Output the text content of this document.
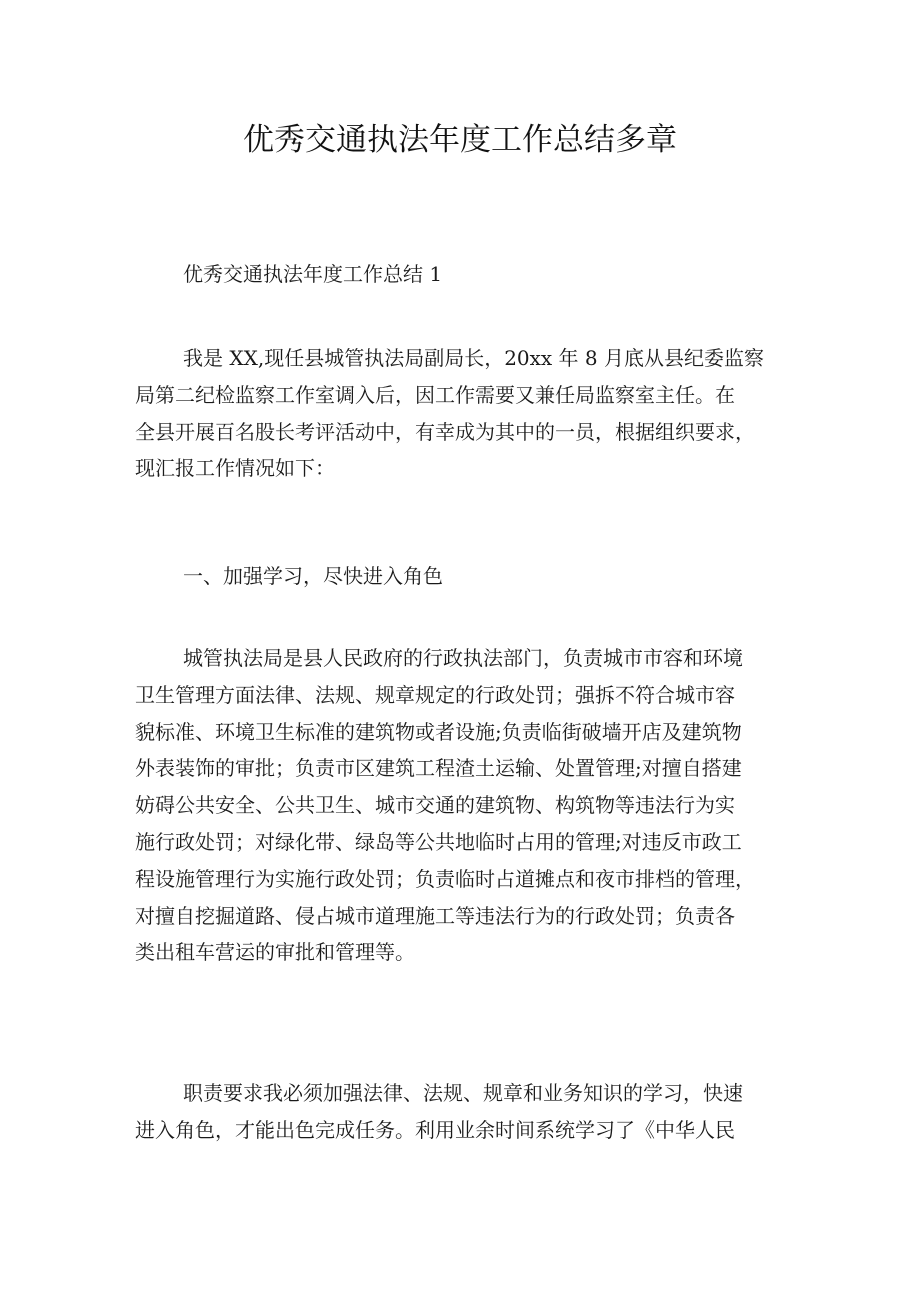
优秀交通执法年度工作总结多章

优秀交通执法年度工作总结 1

我是 XX,现任县城管执法局副局长，20xx 年 8 月底从县纪委监察
局第二纪检监察工作室调入后，因工作需要又兼任局监察室主任。在
全县开展百名股长考评活动中，有幸成为其中的一员，根据组织要求，
现汇报工作情况如下：

一、加强学习，尽快进入角色

城管执法局是县人民政府的行政执法部门，负责城市市容和环境
卫生管理方面法律、法规、规章规定的行政处罚；强拆不符合城市容
貌标准、环境卫生标准的建筑物或者设施;负责临街破墙开店及建筑物
外表装饰的审批；负责市区建筑工程渣土运输、处置管理;对擅自搭建
妨碍公共安全、公共卫生、城市交通的建筑物、构筑物等违法行为实
施行政处罚；对绿化带、绿岛等公共地临时占用的管理;对违反市政工
程设施管理行为实施行政处罚；负责临时占道摊点和夜市排档的管理，
对擅自挖掘道路、侵占城市道理施工等违法行为的行政处罚；负责各
类出租车营运的审批和管理等。
职责要求我必须加强法律、法规、规章和业务知识的学习，快速
进入角色，才能出色完成任务。利用业余时间系统学习了《中华人民
